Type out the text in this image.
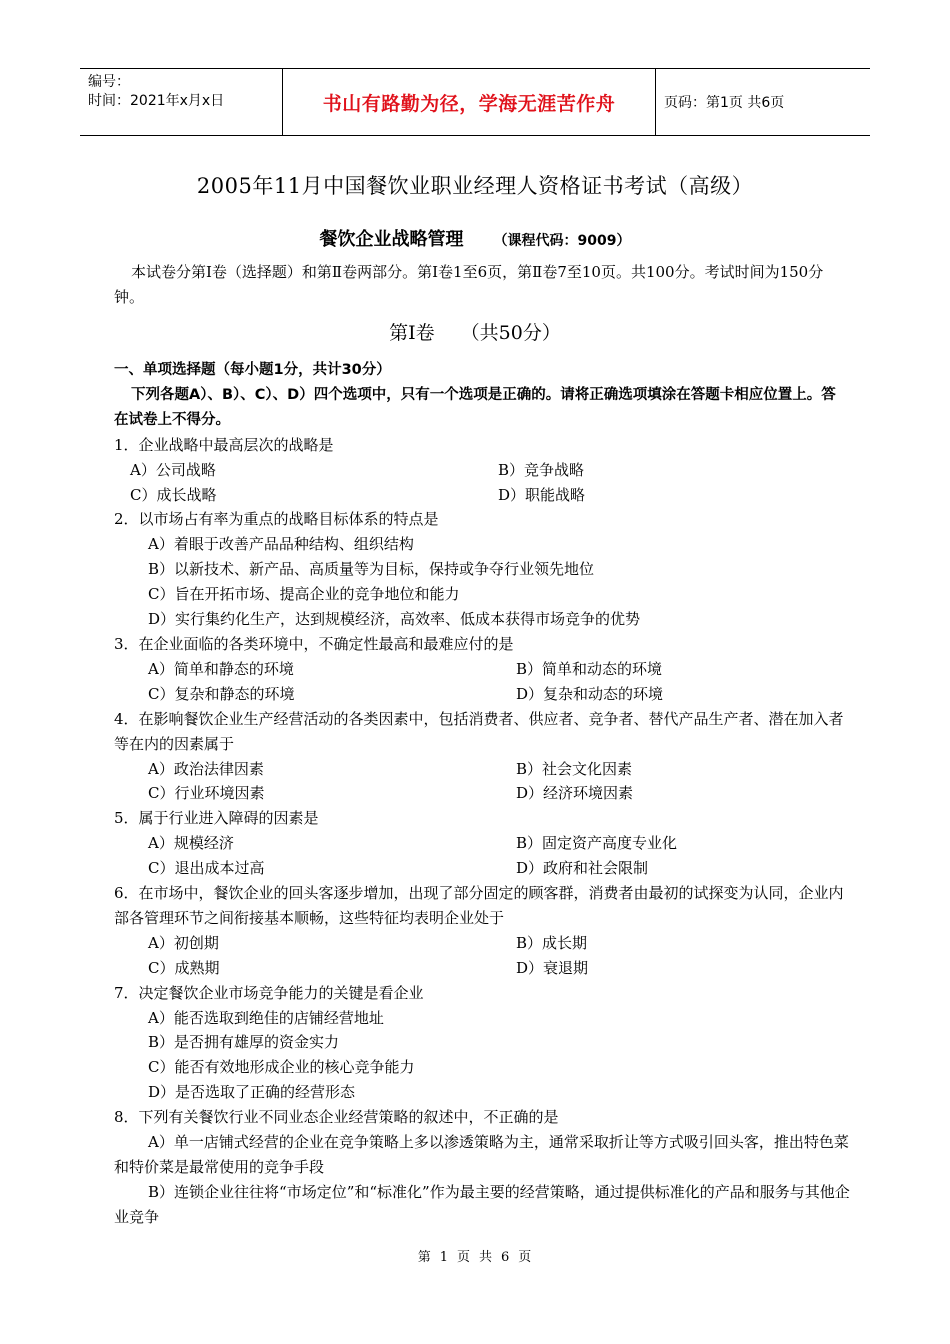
编号：
时间：2021年x月x日	书山有路勤为径，学海无涯苦作舟	页码：第1页 共6页
2005年11月中国餐饮业职业经理人资格证书考试（高级）
餐饮企业战略管理 （课程代码：9009）
本试卷分第I卷（选择题）和第Ⅱ卷两部分。第I卷1至6页，第Ⅱ卷7至10页。共100分。考试时间为150分钟。
第I卷 （共50分）
一、单项选择题（每小题1分，共计30分）
下列各题A）、B）、C）、D）四个选项中，只有一个选项是正确的。请将正确选项填涂在答题卡相应位置上。答在试卷上不得分。
1．企业战略中最高层次的战略是
A）公司战略	B）竞争战略
C）成长战略	D）职能战略
2．以市场占有率为重点的战略目标体系的特点是
A）着眼于改善产品品种结构、组织结构
B）以新技术、新产品、高质量等为目标，保持或争夺行业领先地位
C）旨在开拓市场、提高企业的竞争地位和能力
D）实行集约化生产，达到规模经济，高效率、低成本获得市场竞争的优势
3．在企业面临的各类环境中，不确定性最高和最难应付的是
A）简单和静态的环境	B）简单和动态的环境
C）复杂和静态的环境	D）复杂和动态的环境
4．在影响餐饮企业生产经营活动的各类因素中，包括消费者、供应者、竞争者、替代产品生产者、潜在加入者等在内的因素属于
A）政治法律因素	B）社会文化因素
C）行业环境因素	D）经济环境因素
5．属于行业进入障碍的因素是
A）规模经济	B）固定资产高度专业化
C）退出成本过高	D）政府和社会限制
6．在市场中，餐饮企业的回头客逐步增加，出现了部分固定的顾客群，消费者由最初的试探变为认同，企业内部各管理环节之间衔接基本顺畅，这些特征均表明企业处于
A）初创期	B）成长期
C）成熟期	D）衰退期
7．决定餐饮企业市场竞争能力的关键是看企业
A）能否选取到绝佳的店铺经营地址
B）是否拥有雄厚的资金实力
C）能否有效地形成企业的核心竞争能力
D）是否选取了正确的经营形态
8．下列有关餐饮行业不同业态企业经营策略的叙述中，不正确的是
A）单一店铺式经营的企业在竞争策略上多以渗透策略为主，通常采取折让等方式吸引回头客，推出特色菜和特价菜是最常使用的竞争手段
B）连锁企业往往将“市场定位”和“标准化”作为最主要的经营策略，通过提供标准化的产品和服务与其他企业竞争
第 1 页 共 6 页
